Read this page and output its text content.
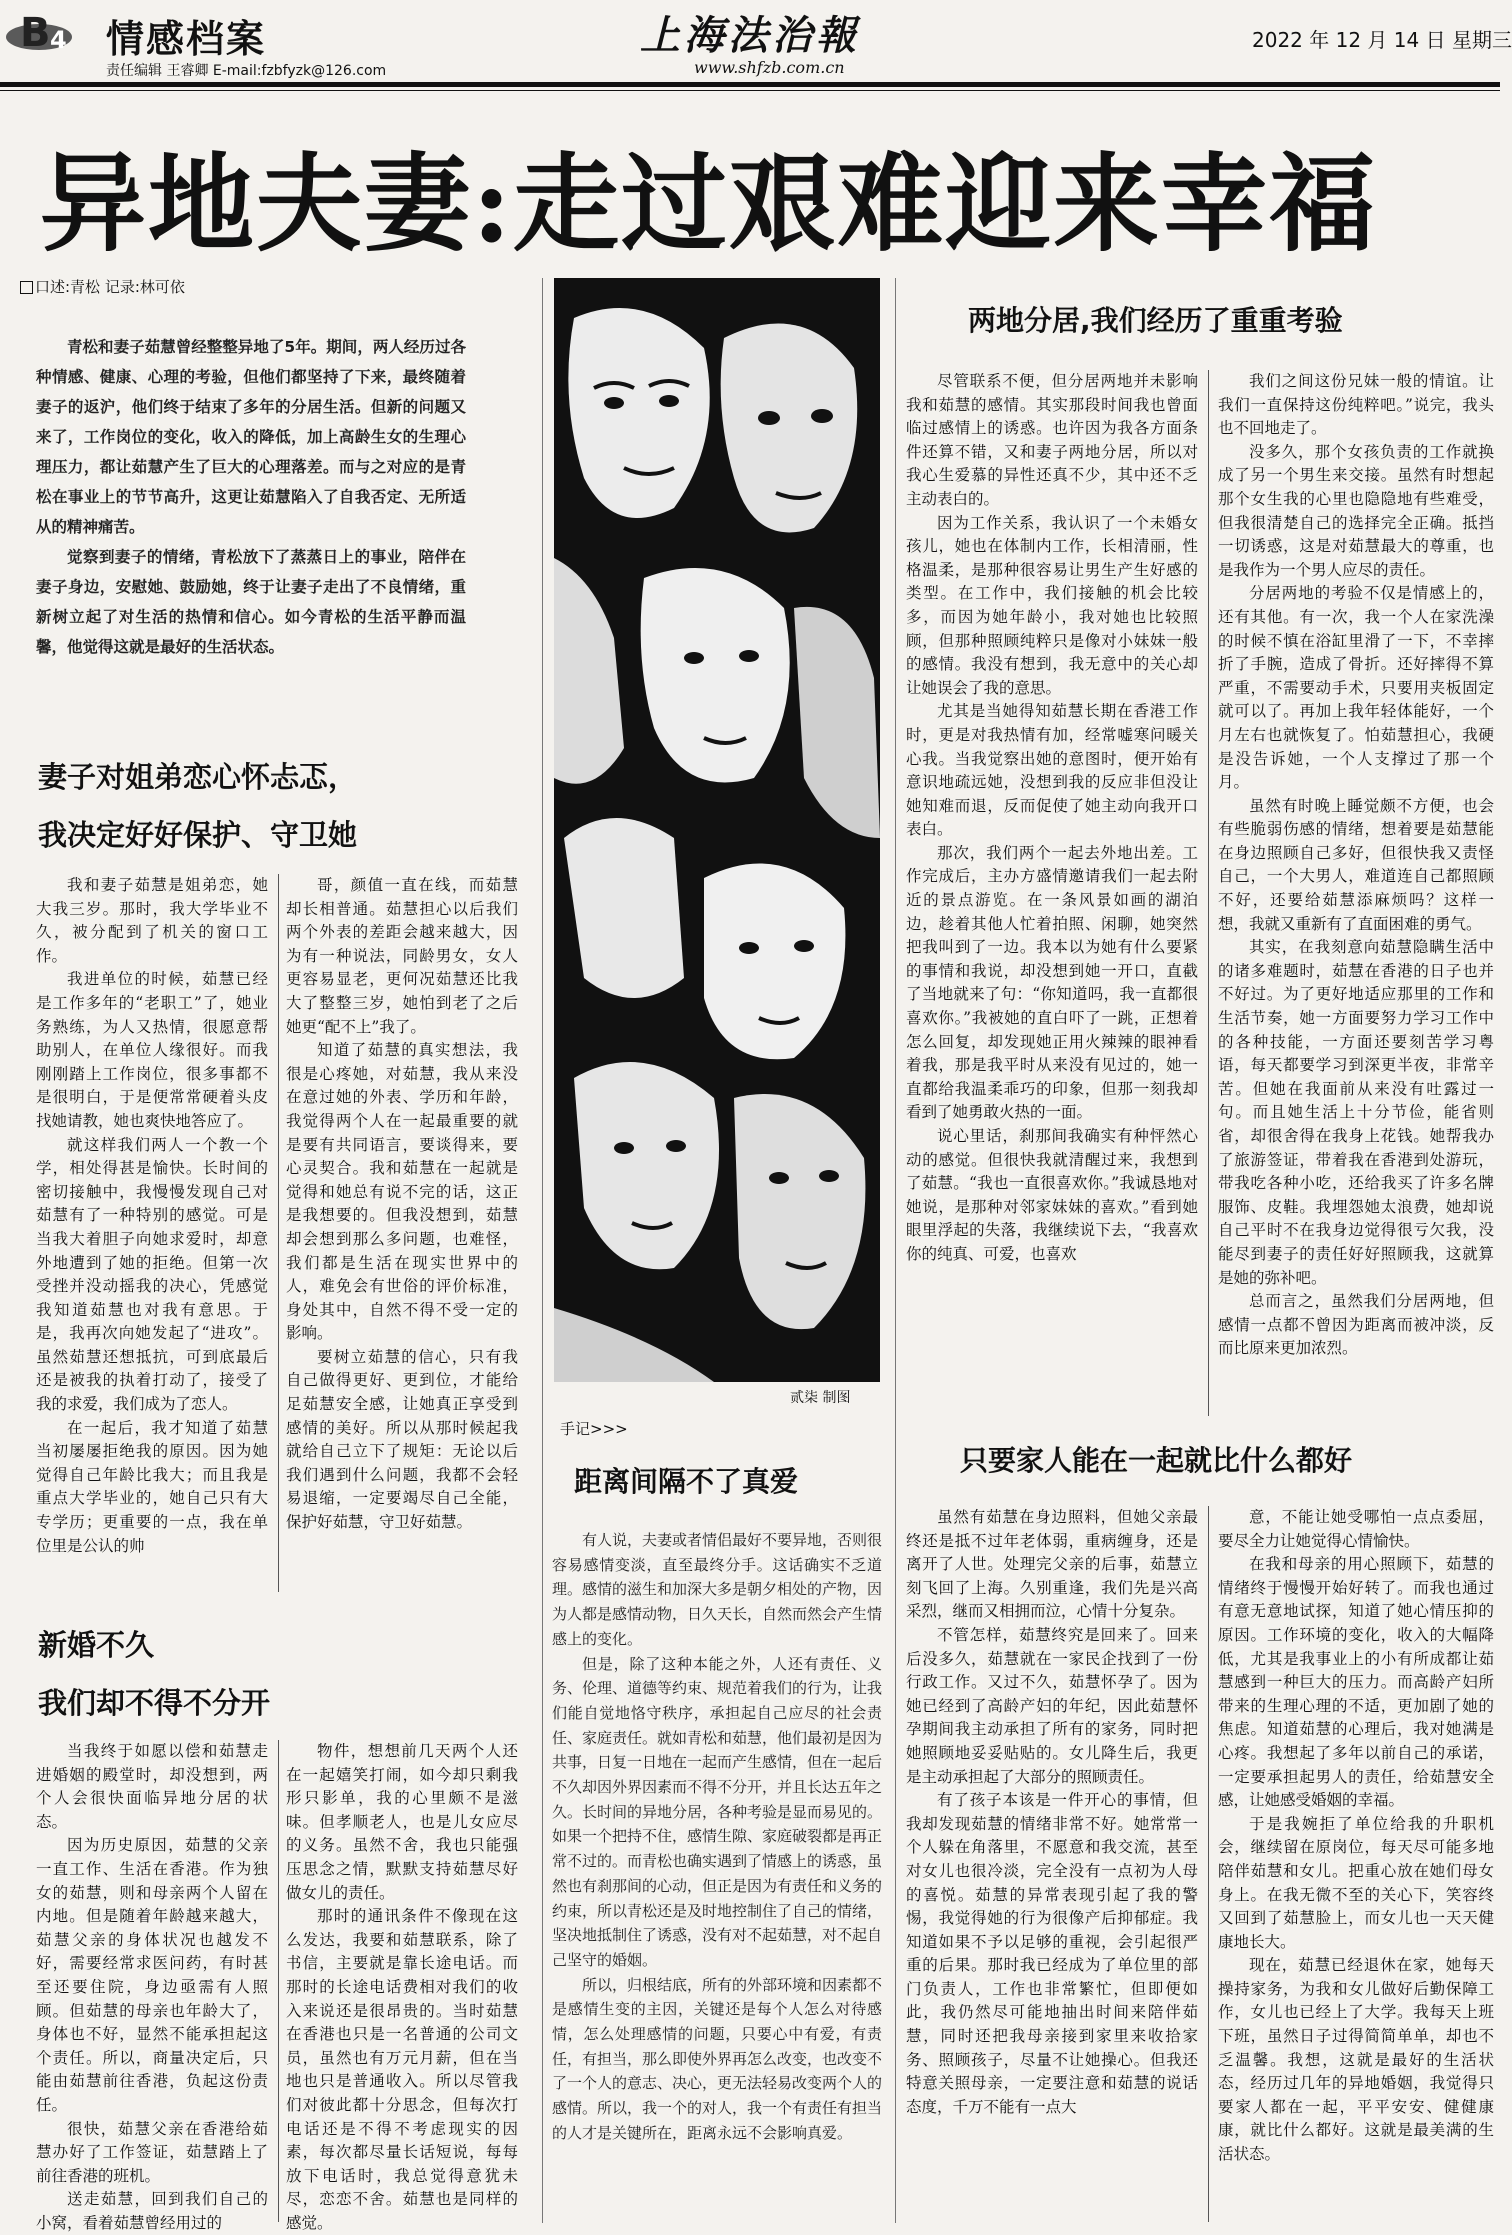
B 4 情感档案
责任编辑 王睿卿 E-mail:fzbfyzk@126.com
上海法治報
www.shfzb.com.cn
2022 年 12 月 14 日 星期三
异地夫妻:走过艰难迎来幸福
口述:青松 记录:林可依

青松和妻子茹慧曾经整整异地了5年。期间，两人经历过各种情感、健康、心理的考验，但他们都坚持了下来，最终随着妻子的返沪，他们终于结束了多年的分居生活。但新的问题又来了，工作岗位的变化，收入的降低，加上高龄生女的生理心理压力，都让茹慧产生了巨大的心理落差。而与之对应的是青松在事业上的节节高升，这更让茹慧陷入了自我否定、无所适从的精神痛苦。

觉察到妻子的情绪，青松放下了蒸蒸日上的事业，陪伴在妻子身边，安慰她、鼓励她，终于让妻子走出了不良情绪，重新树立起了对生活的热情和信心。如今青松的生活平静而温馨，他觉得这就是最好的生活状态。

妻子对姐弟恋心怀忐忑，
我决定好好保护、守卫她

我和妻子茹慧是姐弟恋，她大我三岁。那时，我大学毕业不久，被分配到了机关的窗口工作。

我进单位的时候，茹慧已经是工作多年的“老职工”了，她业务熟练，为人又热情，很愿意帮助别人，在单位人缘很好。而我刚刚踏上工作岗位，很多事都不是很明白，于是便常常硬着头皮找她请教，她也爽快地答应了。

就这样我们两人一个教一个学，相处得甚是愉快。长时间的密切接触中，我慢慢发现自己对茹慧有了一种特别的感觉。可是当我大着胆子向她求爱时，却意外地遭到了她的拒绝。但第一次受挫并没动摇我的决心，凭感觉我知道茹慧也对我有意思。于是，我再次向她发起了“进攻”。虽然茹慧还想抵抗，可到底最后还是被我的执着打动了，接受了我的求爱，我们成为了恋人。

在一起后，我才知道了茹慧当初屡屡拒绝我的原因。因为她觉得自己年龄比我大；而且我是重点大学毕业的，她自己只有大专学历；更重要的一点，我在单位里是公认的帅

哥，颜值一直在线，而茹慧却长相普通。茹慧担心以后我们两个外表的差距会越来越大，因为有一种说法，同龄男女，女人更容易显老，更何况茹慧还比我大了整整三岁，她怕到老了之后她更“配不上”我了。

知道了茹慧的真实想法，我很是心疼她，对茹慧，我从来没在意过她的外表、学历和年龄，我觉得两个人在一起最重要的就是要有共同语言，要谈得来，要心灵契合。我和茹慧在一起就是觉得和她总有说不完的话，这正是我想要的。但我没想到，茹慧却会想到那么多问题，也难怪，我们都是生活在现实世界中的人，难免会有世俗的评价标准，身处其中，自然不得不受一定的影响。

要树立茹慧的信心，只有我自己做得更好、更到位，才能给足茹慧安全感，让她真正享受到感情的美好。所以从那时候起我就给自己立下了规矩：无论以后我们遇到什么问题，我都不会轻易退缩，一定要竭尽自己全能，保护好茹慧，守卫好茹慧。

新婚不久
我们却不得不分开

当我终于如愿以偿和茹慧走进婚姻的殿堂时，却没想到，两个人会很快面临异地分居的状态。

因为历史原因，茹慧的父亲一直工作、生活在香港。作为独女的茹慧，则和母亲两个人留在内地。但是随着年龄越来越大，茹慧父亲的身体状况也越发不好，需要经常求医问药，有时甚至还要住院，身边亟需有人照顾。但茹慧的母亲也年龄大了，身体也不好，显然不能承担起这个责任。所以，商量决定后，只能由茹慧前往香港，负起这份责任。

很快，茹慧父亲在香港给茹慧办好了工作签证，茹慧踏上了前往香港的班机。

送走茹慧，回到我们自己的小窝，看着茹慧曾经用过的

物件，想想前几天两个人还在一起嬉笑打闹，如今却只剩我形只影单，我的心里颇不是滋味。但孝顺老人，也是儿女应尽的义务。虽然不舍，我也只能强压思念之情，默默支持茹慧尽好做女儿的责任。

那时的通讯条件不像现在这么发达，我要和茹慧联系，除了书信，主要就是靠长途电话。而那时的长途电话费相对我们的收入来说还是很昂贵的。当时茹慧在香港也只是一名普通的公司文员，虽然也有万元月薪，但在当地也只是普通收入。所以尽管我们对彼此都十分思念，但每次打电话还是不得不考虑现实的因素，每次都尽量长话短说，每每放下电话时，我总觉得意犹未尽，恋恋不舍。茹慧也是同样的感觉。

贰柒 制图
手记>>>
距离间隔不了真爱

有人说，夫妻或者情侣最好不要异地，否则很容易感情变淡，直至最终分手。这话确实不乏道理。感情的滋生和加深大多是朝夕相处的产物，因为人都是感情动物，日久天长，自然而然会产生情感上的变化。

但是，除了这种本能之外，人还有责任、义务、伦理、道德等约束、规范着我们的行为，让我们能自觉地恪守秩序，承担起自己应尽的社会责任、家庭责任。就如青松和茹慧，他们最初是因为共事，日复一日地在一起而产生感情，但在一起后不久却因外界因素而不得不分开，并且长达五年之久。长时间的异地分居，各种考验是显而易见的。如果一个把持不住，感情生隙、家庭破裂都是再正常不过的。而青松也确实遇到了情感上的诱惑，虽然也有刹那间的心动，但正是因为有责任和义务的约束，所以青松还是及时地控制住了自己的情绪，坚决地抵制住了诱惑，没有对不起茹慧，对不起自己坚守的婚姻。

所以，归根结底，所有的外部环境和因素都不是感情生变的主因，关键还是每个人怎么对待感情，怎么处理感情的问题，只要心中有爱，有责任，有担当，那么即使外界再怎么改变，也改变不了一个人的意志、决心，更无法轻易改变两个人的感情。所以，我一个的对人，我一个有责任有担当的人才是关键所在，距离永远不会影响真爱。

两地分居,我们经历了重重考验

尽管联系不便，但分居两地并未影响我和茹慧的感情。其实那段时间我也曾面临过感情上的诱惑。也许因为我各方面条件还算不错，又和妻子两地分居，所以对我心生爱慕的异性还真不少，其中还不乏主动表白的。

因为工作关系，我认识了一个未婚女孩儿，她也在体制内工作，长相清丽，性格温柔，是那种很容易让男生产生好感的类型。在工作中，我们接触的机会比较多，而因为她年龄小，我对她也比较照顾，但那种照顾纯粹只是像对小妹妹一般的感情。我没有想到，我无意中的关心却让她误会了我的意思。

尤其是当她得知茹慧长期在香港工作时，更是对我热情有加，经常嘘寒问暖关心我。当我觉察出她的意图时，便开始有意识地疏远她，没想到我的反应非但没让她知难而退，反而促使了她主动向我开口表白。

那次，我们两个一起去外地出差。工作完成后，主办方盛情邀请我们一起去附近的景点游览。在一条风景如画的湖泊边，趁着其他人忙着拍照、闲聊，她突然把我叫到了一边。我本以为她有什么要紧的事情和我说，却没想到她一开口，直截了当地就来了句：“你知道吗，我一直都很喜欢你。”我被她的直白吓了一跳，正想着怎么回复，却发现她正用火辣辣的眼神看着我，那是我平时从来没有见过的，她一直都给我温柔乖巧的印象，但那一刻我却看到了她勇敢火热的一面。

说心里话，刹那间我确实有种怦然心动的感觉。但很快我就清醒过来，我想到了茹慧。“我也一直很喜欢你。”我诚恳地对她说，是那种对邻家妹妹的喜欢。”看到她眼里浮起的失落，我继续说下去，“我喜欢你的纯真、可爱，也喜欢

我们之间这份兄妹一般的情谊。让我们一直保持这份纯粹吧。”说完，我头也不回地走了。

没多久，那个女孩负责的工作就换成了另一个男生来交接。虽然有时想起那个女生我的心里也隐隐地有些难受，但我很清楚自己的选择完全正确。抵挡一切诱惑，这是对茹慧最大的尊重，也是我作为一个男人应尽的责任。

分居两地的考验不仅是情感上的，还有其他。有一次，我一个人在家洗澡的时候不慎在浴缸里滑了一下，不幸摔折了手腕，造成了骨折。还好摔得不算严重，不需要动手术，只要用夹板固定就可以了。再加上我年轻体能好，一个月左右也就恢复了。怕茹慧担心，我硬是没告诉她，一个人支撑过了那一个月。

虽然有时晚上睡觉颇不方便，也会有些脆弱伤感的情绪，想着要是茹慧能在身边照顾自己多好，但很快我又责怪自己，一个大男人，难道连自己都照顾不好，还要给茹慧添麻烦吗？这样一想，我就又重新有了直面困难的勇气。

其实，在我刻意向茹慧隐瞒生活中的诸多难题时，茹慧在香港的日子也并不好过。为了更好地适应那里的工作和生活节奏，她一方面要努力学习工作中的各种技能，一方面还要刻苦学习粤语，每天都要学习到深更半夜，非常辛苦。但她在我面前从来没有吐露过一句。而且她生活上十分节俭，能省则省，却很舍得在我身上花钱。她帮我办了旅游签证，带着我在香港到处游玩，带我吃各种小吃，还给我买了许多名牌服饰、皮鞋。我埋怨她太浪费，她却说自己平时不在我身边觉得很亏欠我，没能尽到妻子的责任好好照顾我，这就算是她的弥补吧。

总而言之，虽然我们分居两地，但感情一点都不曾因为距离而被冲淡，反而比原来更加浓烈。

只要家人能在一起就比什么都好

虽然有茹慧在身边照料，但她父亲最终还是抵不过年老体弱，重病缠身，还是离开了人世。处理完父亲的后事，茹慧立刻飞回了上海。久别重逢，我们先是兴高采烈，继而又相拥而泣，心情十分复杂。

不管怎样，茹慧终究是回来了。回来后没多久，茹慧就在一家民企找到了一份行政工作。又过不久，茹慧怀孕了。因为她已经到了高龄产妇的年纪，因此茹慧怀孕期间我主动承担了所有的家务，同时把她照顾地妥妥贴贴的。女儿降生后，我更是主动承担起了大部分的照顾责任。

有了孩子本该是一件开心的事情，但我却发现茹慧的情绪非常不好。她常常一个人躲在角落里，不愿意和我交流，甚至对女儿也很冷淡，完全没有一点初为人母的喜悦。茹慧的异常表现引起了我的警惕，我觉得她的行为很像产后抑郁症。我知道如果不予以足够的重视，会引起很严重的后果。那时我已经成为了单位里的部门负责人，工作也非常繁忙，但即便如此，我仍然尽可能地抽出时间来陪伴茹慧，同时还把我母亲接到家里来收拾家务、照顾孩子，尽量不让她操心。但我还特意关照母亲，一定要注意和茹慧的说话态度，千万不能有一点大

意，不能让她受哪怕一点点委屈，要尽全力让她觉得心情愉快。

在我和母亲的用心照顾下，茹慧的情绪终于慢慢开始好转了。而我也通过有意无意地试探，知道了她心情压抑的原因。工作环境的变化，收入的大幅降低，尤其是我事业上的小有所成都让茹慧感到一种巨大的压力。而高龄产妇所带来的生理心理的不适，更加剧了她的焦虑。知道茹慧的心理后，我对她满是心疼。我想起了多年以前自己的承诺，一定要承担起男人的责任，给茹慧安全感，让她感受婚姻的幸福。

于是我婉拒了单位给我的升职机会，继续留在原岗位，每天尽可能多地陪伴茹慧和女儿。把重心放在她们母女身上。在我无微不至的关心下，笑容终又回到了茹慧脸上，而女儿也一天天健康地长大。

现在，茹慧已经退休在家，她每天操持家务，为我和女儿做好后勤保障工作，女儿也已经上了大学。我每天上班下班，虽然日子过得简简单单，却也不乏温馨。我想，这就是最好的生活状态，经历过几年的异地婚姻，我觉得只要家人都在一起，平平安安、健健康康，就比什么都好。这就是最美满的生活状态。
